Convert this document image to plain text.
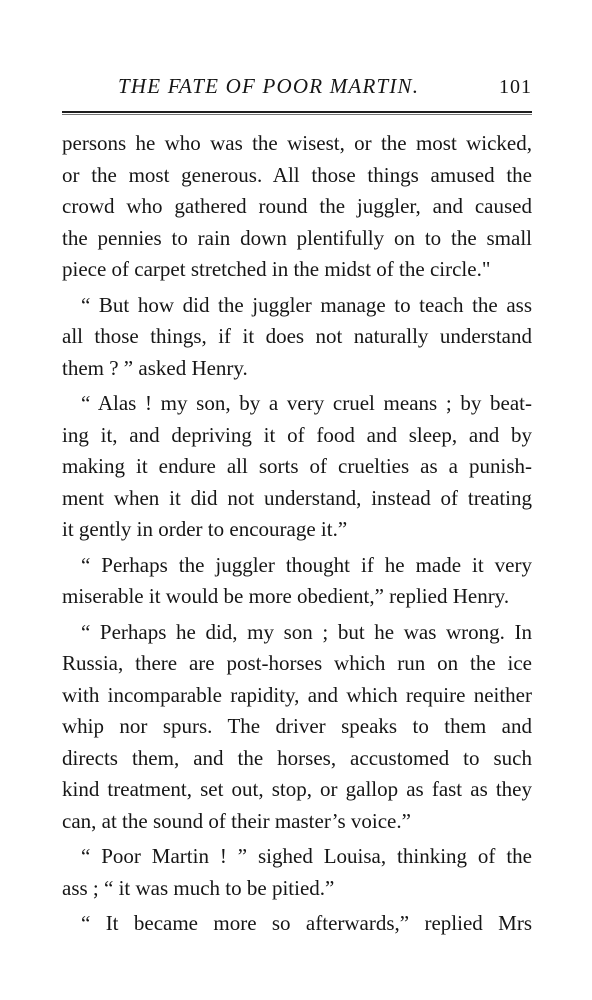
THE FATE OF POOR MARTIN.	101
persons he who was the wisest, or the most wicked,
or the most generous. All those things amused the
crowd who gathered round the juggler, and caused
the pennies to rain down plentifully on to the small
piece of carpet stretched in the midst of the circle."
“ But how did the juggler manage to teach the ass
all those things, if it does not naturally understand
them ? ” asked Henry.
“ Alas ! my son, by a very cruel means ; by beat-
ing it, and depriving it of food and sleep, and by
making it endure all sorts of cruelties as a punish-
ment when it did not understand, instead of treating
it gently in order to encourage it.”
“ Perhaps the juggler thought if he made it very
miserable it would be more obedient,” replied Henry.
“ Perhaps he did, my son ; but he was wrong. In
Russia, there are post-horses which run on the ice
with incomparable rapidity, and which require neither
whip nor spurs. The driver speaks to them and
directs them, and the horses, accustomed to such
kind treatment, set out, stop, or gallop as fast as they
can, at the sound of their master’s voice.”
“ Poor Martin ! ” sighed Louisa, thinking of the
ass ; “ it was much to be pitied.”
“ It became more so afterwards,” replied Mrs
